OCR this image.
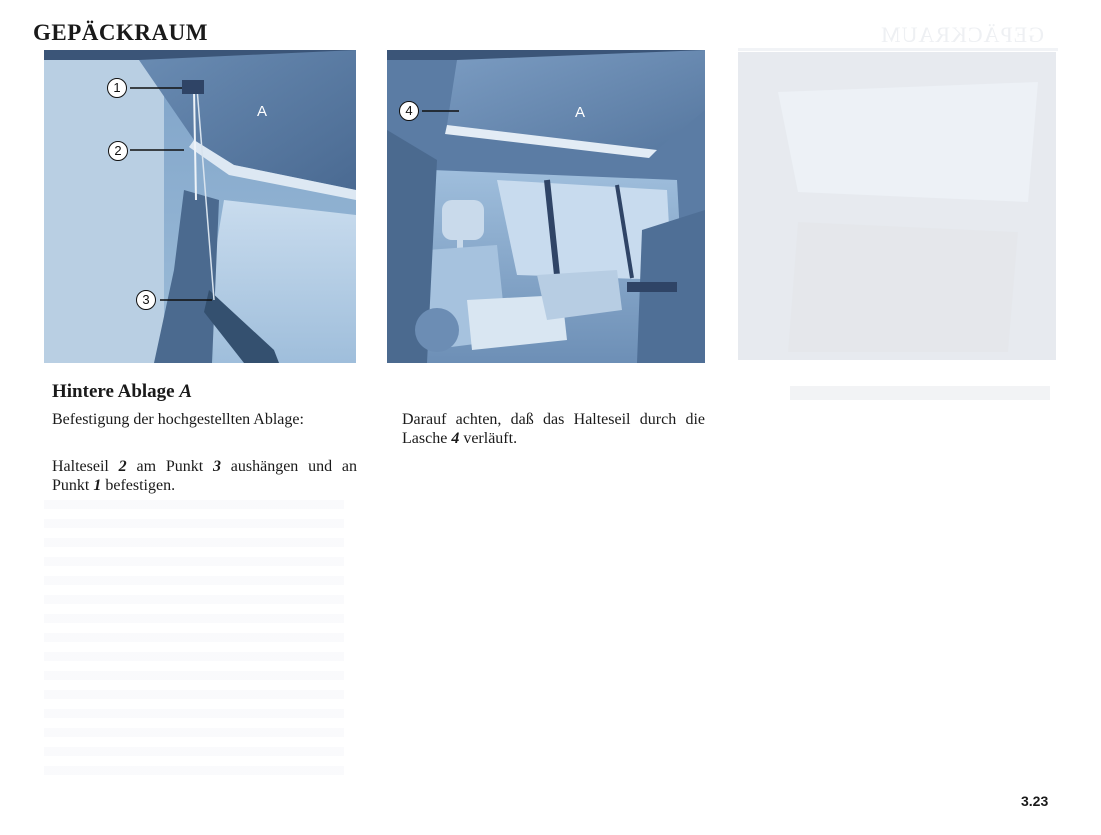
GEPÄCKRAUM	GEPÄCKRAUM
1
2
3
A	4	A
Hintere Ablage A

Befestigung der hochgestellten Ablage:

Halteseil 2 am Punkt 3 aushängen und an Punkt 1 befestigen.

Darauf achten, daß das Halteseil durch die Lasche 4 verläuft.

3.23
